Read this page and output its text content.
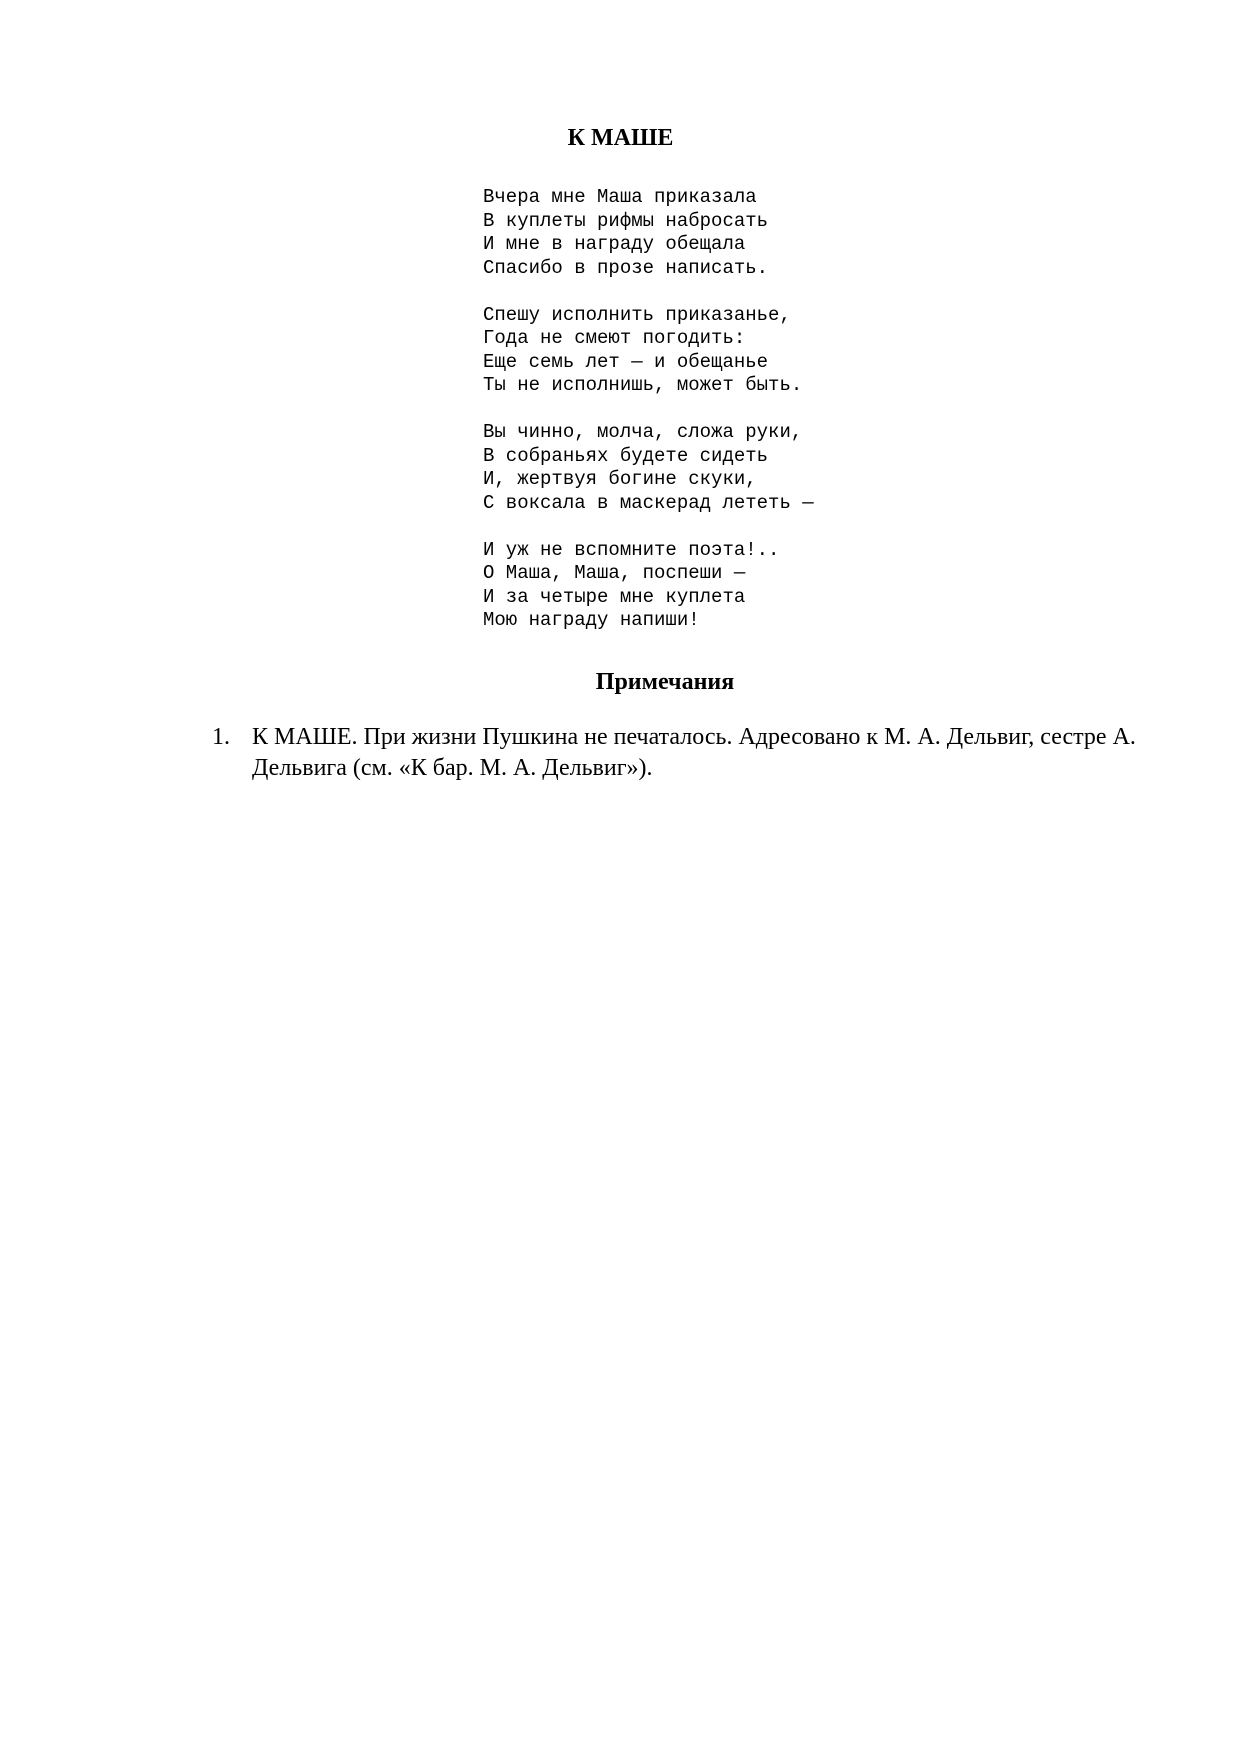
К МАШЕ
Вчера мне Маша приказала
В куплеты рифмы набросать
И мне в награду обещала
Спасибо в прозе написать.
Спешу исполнить приказанье,
Года не смеют погодить:
Еще семь лет — и обещанье
Ты не исполнишь, может быть.
Вы чинно, молча, сложа руки,
В собраньях будете сидеть
И, жертвуя богине скуки,
С воксала в маскерад лететь —
И уж не вспомните поэта!..
О Маша, Маша, поспеши —
И за четыре мне куплета
Мою награду напиши!
Примечания
1. К МАШЕ. При жизни Пушкина не печаталось. Адресовано к М. А. Дельвиг, сестре А. Дельвига (см. «К бар. М. А. Дельвиг»).
